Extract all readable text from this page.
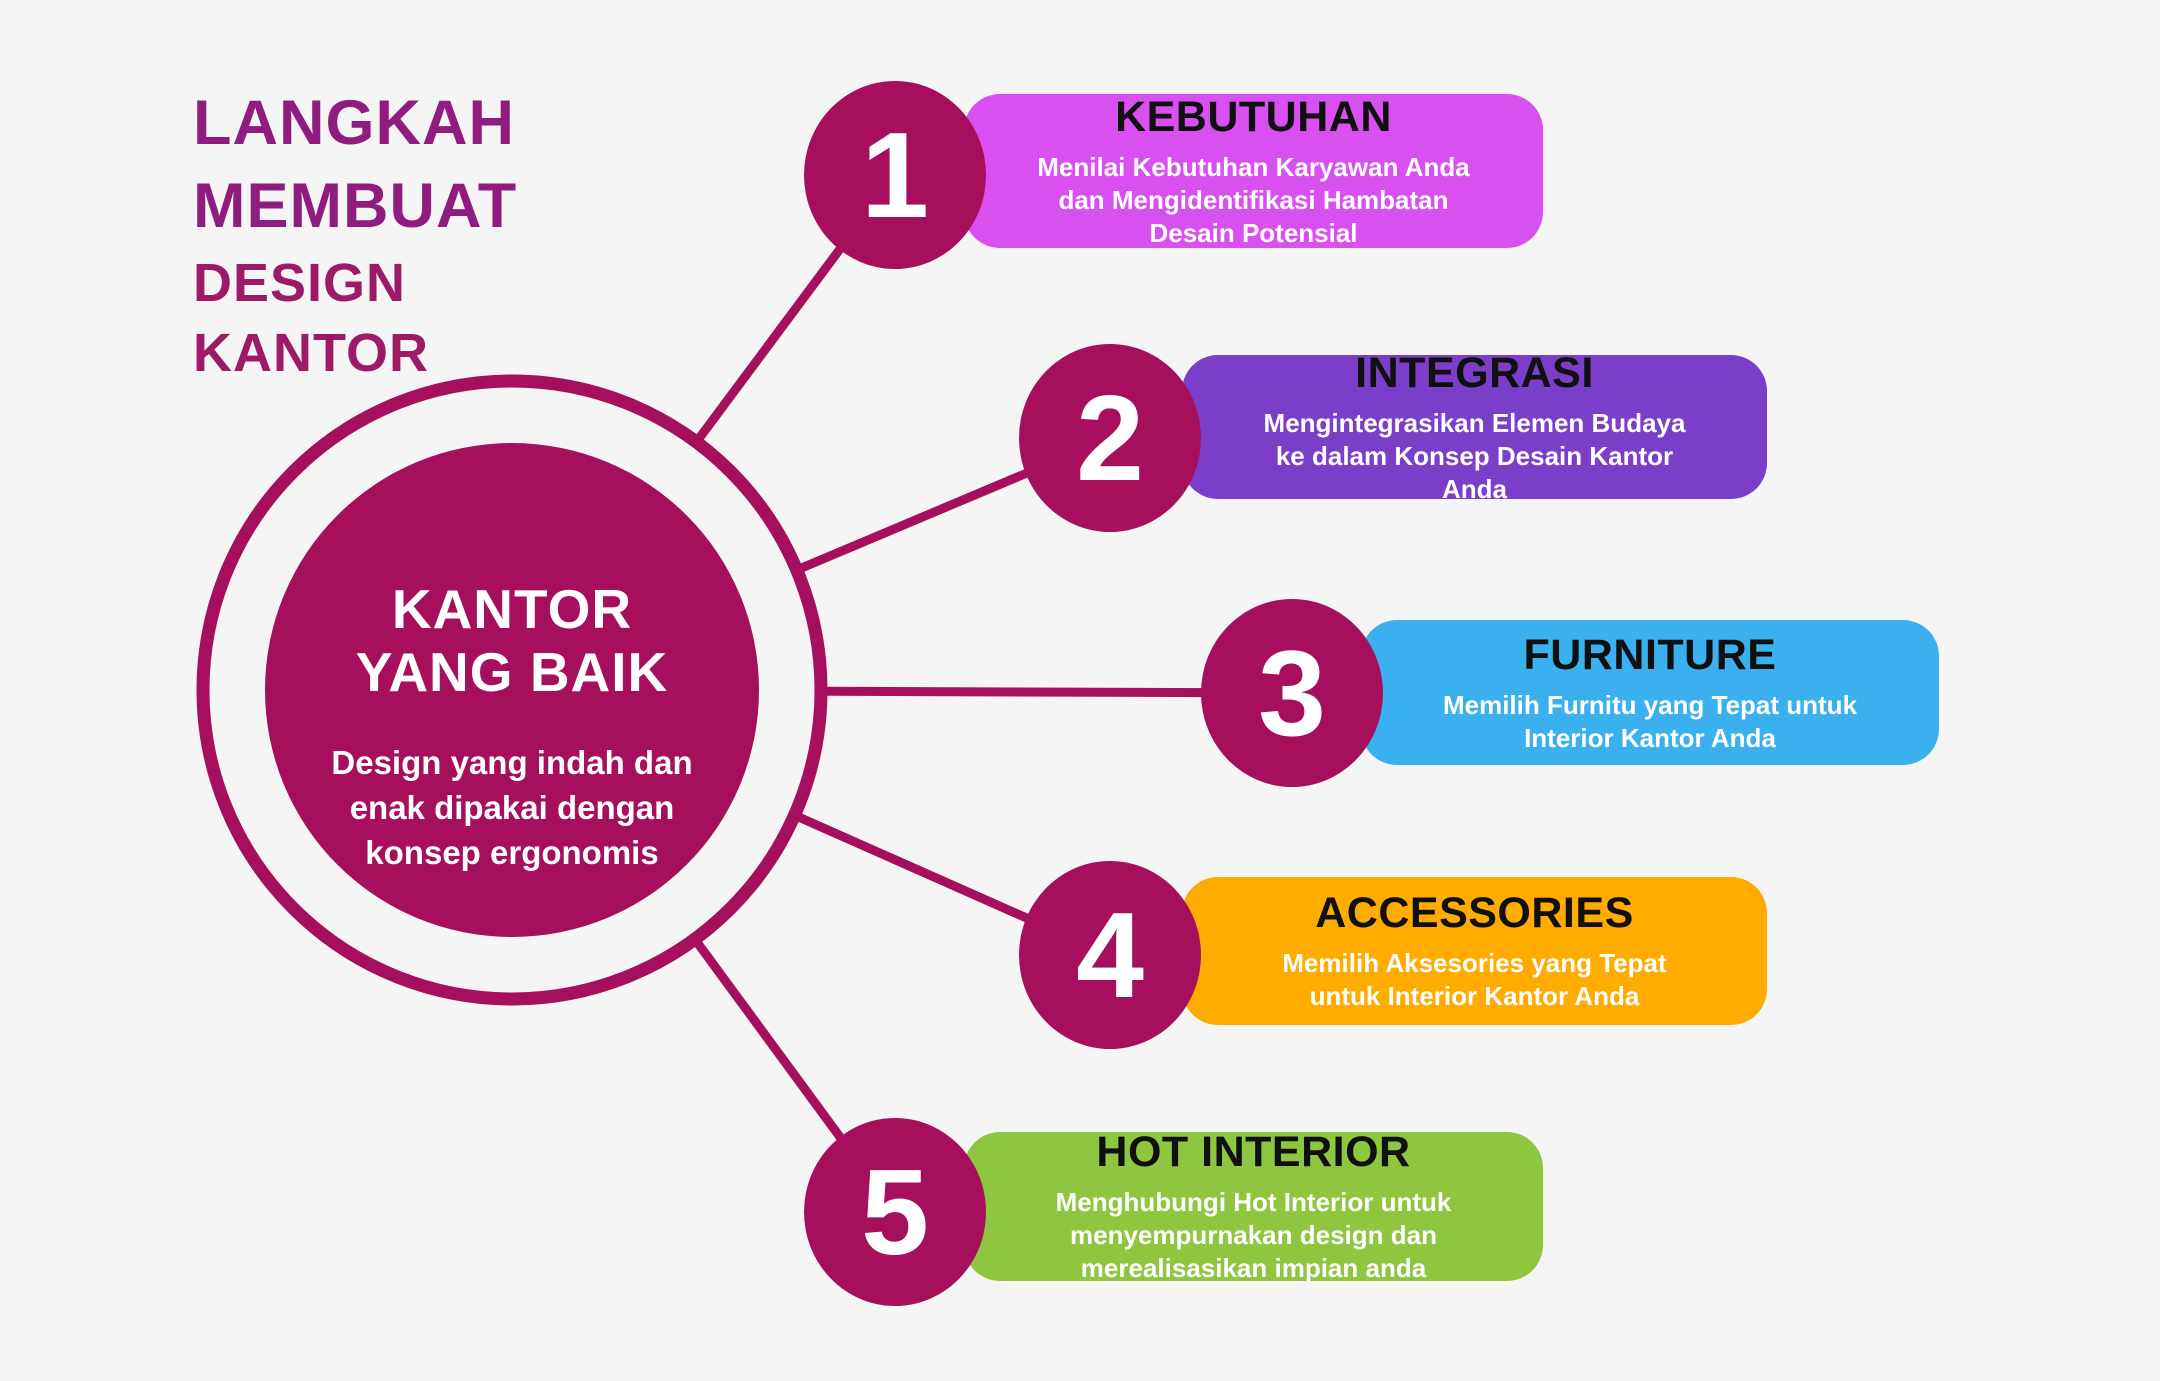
LANGKAH
MEMBUAT
DESIGN
KANTOR
KANTOR
YANG BAIK
Design yang indah dan
enak dipakai dengan
konsep ergonomis
KEBUTUHAN
Menilai Kebutuhan Karyawan Anda
dan Mengidentifikasi Hambatan
Desain Potensial
INTEGRASI
Mengintegrasikan Elemen Budaya
ke dalam Konsep Desain Kantor
Anda
FURNITURE
Memilih Furnitu yang Tepat untuk
Interior Kantor Anda
ACCESSORIES
Memilih Aksesories yang Tepat
untuk Interior Kantor Anda
HOT INTERIOR
Menghubungi Hot Interior untuk
menyempurnakan design dan
merealisasikan impian anda
1
2
3
4
5
